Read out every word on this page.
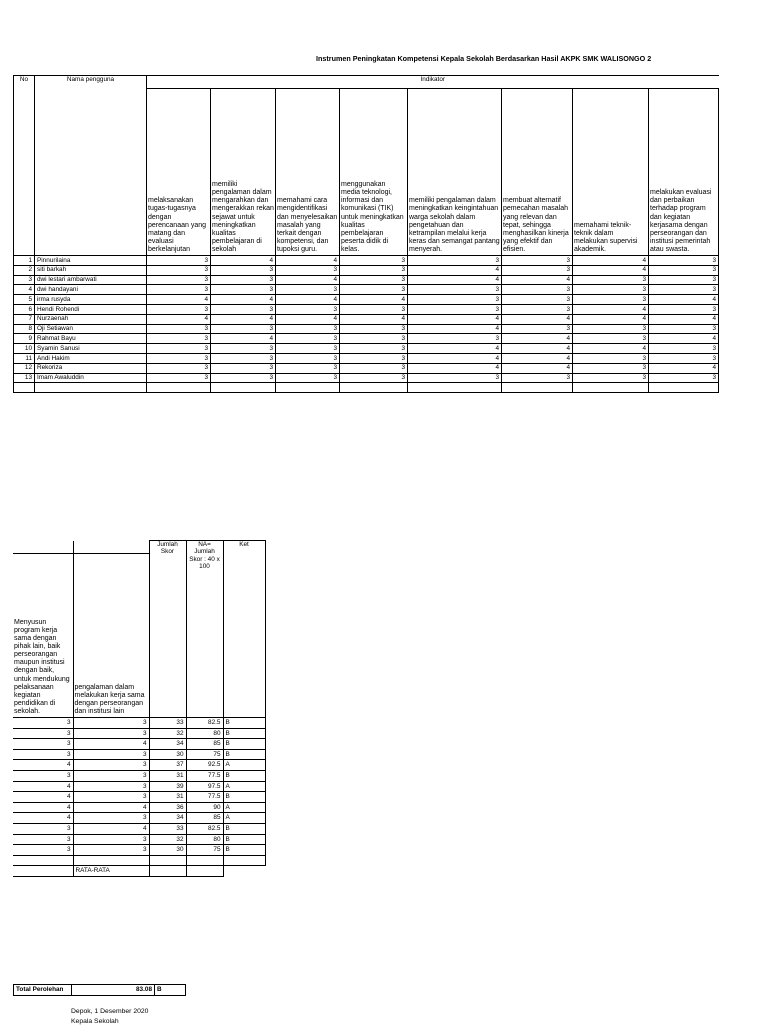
Instrumen Peningkatan Kompetensi Kepala Sekolah Berdasarkan Hasil AKPK SMK WALISONGO 2
No	Nama pengguna	Indikator							
		melaksanakan tugas-tugasnya dengan perencanaan yang matang dan evaluasi berkelanjutan	memiliki pengalaman dalam mengarahkan dan mengerakkan rekan sejawat untuk meningkatkan kualitas pembelajaran di sekolah	memahami cara mengidentifikasi dan menyelesaikan masalah yang terkait dengan kompetensi, dan tupoksi guru.	menggunakan media teknologi, informasi dan komunikasi (TIK) untuk meningkatkan kualitas pembelajaran peserta didik di kelas.	memiliki pengalaman dalam meningkatkan keingintahuan warga sekolah dalam pengetahuan dan ketrampilan melalui kerja keras dan semangat pantang menyerah.	membuat alternatif pemecahan masalah yang relevan dan tepat, sehingga menghasilkan kinerja yang efektif dan efisien.	memahami teknik-teknik dalam melakukan supervisi akademik.	melakukan evaluasi dan perbaikan terhadap program dan kegiatan kerjasama dengan perseorangan dan institusi pemerintah atau swasta.
1	Pinnurilaina	3	4	4	3	3	3	4	3
2	siti barkah	3	3	3	3	4	3	4	3
3	dwi lestari ambarwati	3	3	4	3	4	4	3	3
4	dwi handayani	3	3	3	3	3	3	3	3
5	irma rusyda	4	4	4	4	3	3	3	4
6	Hendi Rohendi	3	3	3	3	3	3	4	3
7	Nurzaenah	4	4	4	4	4	4	4	4
8	Oji Setiawan	3	3	3	3	4	3	3	3
9	Rahmat Bayu	3	4	3	3	3	4	3	4
10	Syamin Sanusi	3	3	3	3	4	4	4	3
11	Andi Hakim	3	3	3	3	4	4	3	3
12	Rekoriza	3	3	3	3	4	4	3	4
13	Imam Awaluddin	3	3	3	3	3	3	3	3

		Jumlah Skor	NA= Jumlah Skor : 40 x 100	Ket
Menyusun program kerja sama dengan pihak lain, baik perseorangan maupun institusi dengan baik, untuk mendukung pelaksanaan kegiatan pendidikan di sekolah.	pengalaman dalam melakukan kerja sama dengan perseorangan dan institusi lain			
3	3	33	82.5	B
3	3	32	80	B
3	4	34	85	B
3	3	30	75	B
4	3	37	92.5	A
3	3	31	77.5	B
4	3	39	97.5	A
4	3	31	77.5	B
4	4	36	90	A
4	3	34	85	A
3	4	33	82.5	B
3	3	32	80	B
3	3	30	75	B

	RATA-RATA			
Total Perolehan	83.08	B
Depok, 1 Desember 2020
Kepala Sekolah
